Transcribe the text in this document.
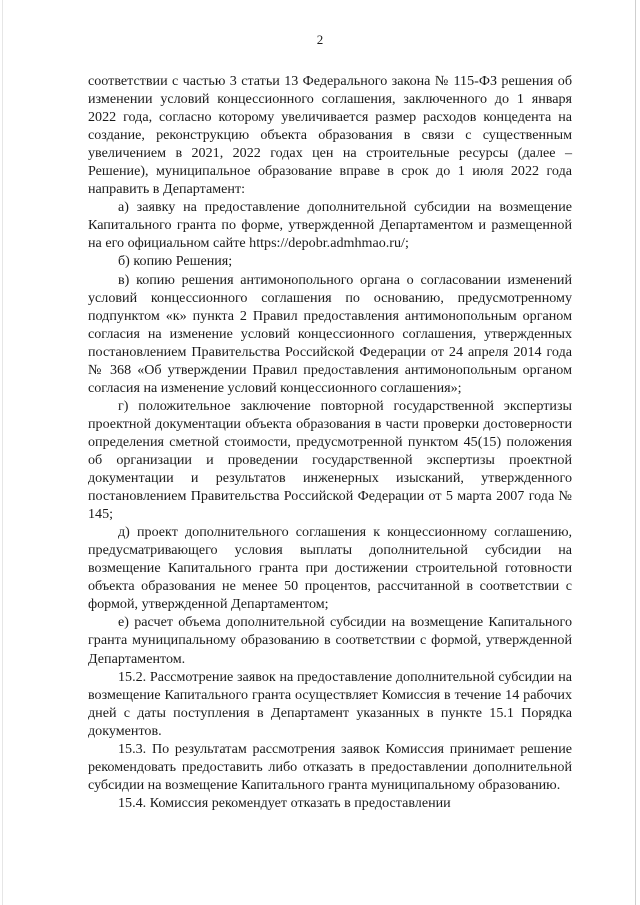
2

соответствии с частью 3 статьи 13 Федерального закона № 115-ФЗ решения об изменении условий концессионного соглашения, заключенного до 1 января 2022 года, согласно которому увеличивается размер расходов концедента на создание, реконструкцию объекта образования в связи с существенным увеличением в 2021, 2022 годах цен на строительные ресурсы (далее – Решение), муниципальное образование вправе в срок до 1 июля 2022 года направить в Департамент:

а) заявку на предоставление дополнительной субсидии на возмещение Капитального гранта по форме, утвержденной Департаментом и размещенной на его официальном сайте https://depobr.admhmao.ru/;

б) копию Решения;

в) копию решения антимонопольного органа о согласовании изменений условий концессионного соглашения по основанию, предусмотренному подпунктом «к» пункта 2 Правил предоставления антимонопольным органом согласия на изменение условий концессионного соглашения, утвержденных постановлением Правительства Российской Федерации от 24 апреля 2014 года № 368 «Об утверждении Правил предоставления антимонопольным органом согласия на изменение условий концессионного соглашения»;

г) положительное заключение повторной государственной экспертизы проектной документации объекта образования в части проверки достоверности определения сметной стоимости, предусмотренной пунктом 45(15) положения об организации и проведении государственной экспертизы проектной документации и результатов инженерных изысканий, утвержденного постановлением Правительства Российской Федерации от 5 марта 2007 года № 145;

д) проект дополнительного соглашения к концессионному соглашению, предусматривающего условия выплаты дополнительной субсидии на возмещение Капитального гранта при достижении строительной готовности объекта образования не менее 50 процентов, рассчитанной в соответствии с формой, утвержденной Департаментом;

е) расчет объема дополнительной субсидии на возмещение Капитального гранта муниципальному образованию в соответствии с формой, утвержденной Департаментом.

15.2. Рассмотрение заявок на предоставление дополнительной субсидии на возмещение Капитального гранта осуществляет Комиссия в течение 14 рабочих дней с даты поступления в Департамент указанных в пункте 15.1 Порядка документов.

15.3. По результатам рассмотрения заявок Комиссия принимает решение рекомендовать предоставить либо отказать в предоставлении дополнительной субсидии на возмещение Капитального гранта муниципальному образованию.

15.4. Комиссия рекомендует отказать в предоставлении
